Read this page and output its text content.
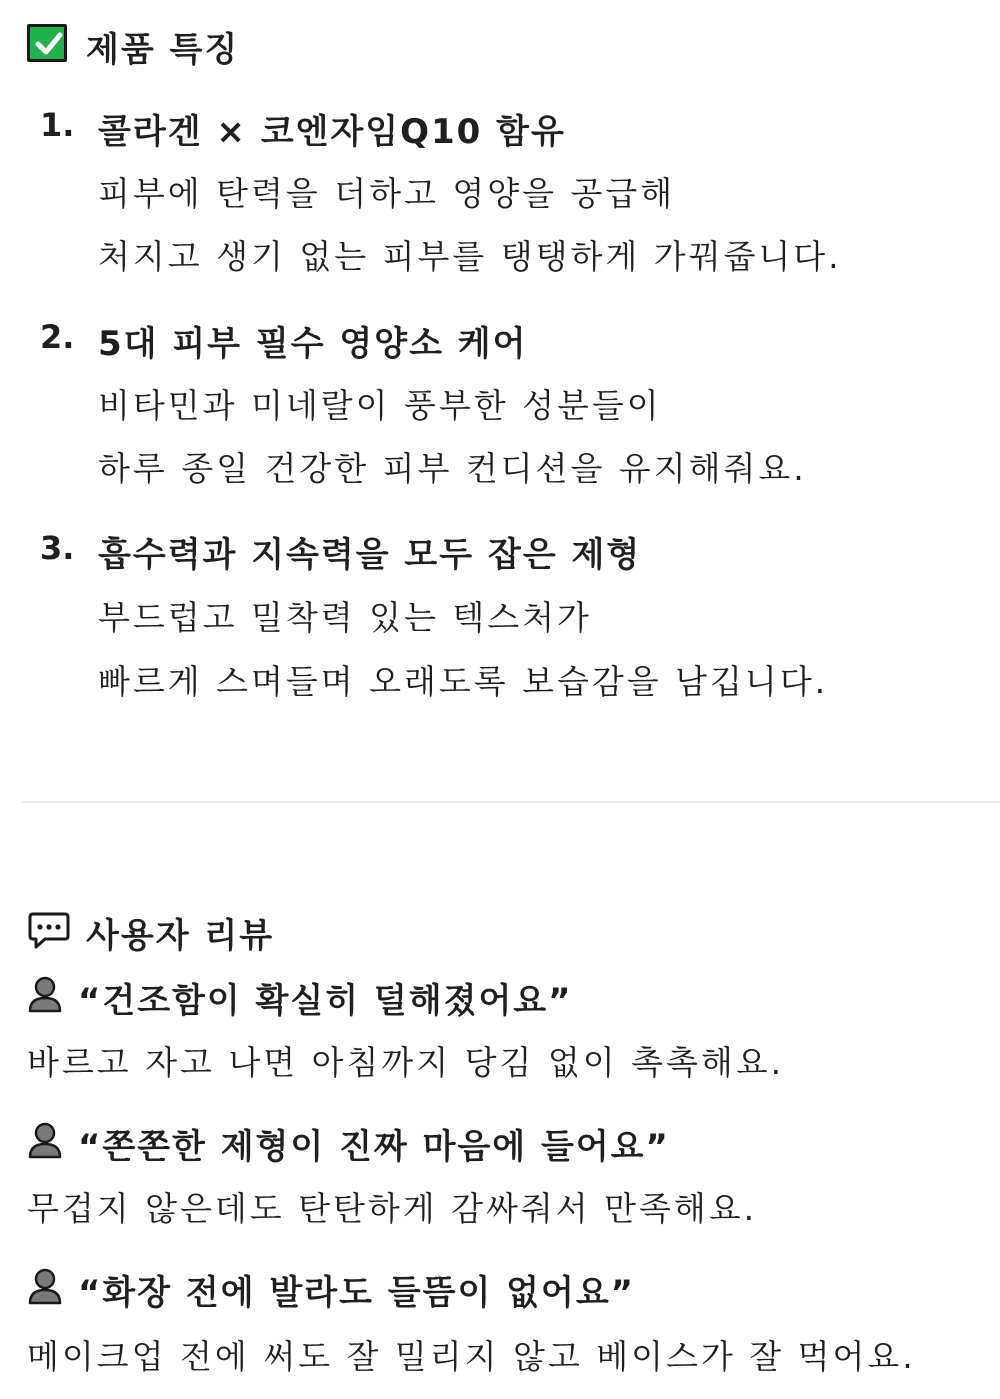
제품 특징
1. 콜라겐 × 코엔자임Q10 함유
피부에 탄력을 더하고 영양을 공급해
처지고 생기 없는 피부를 탱탱하게 가꿔줍니다.
2. 5대 피부 필수 영양소 케어
비타민과 미네랄이 풍부한 성분들이
하루 종일 건강한 피부 컨디션을 유지해줘요.
3. 흡수력과 지속력을 모두 잡은 제형
부드럽고 밀착력 있는 텍스처가
빠르게 스며들며 오래도록 보습감을 남깁니다.
사용자 리뷰
“건조함이 확실히 덜해졌어요”
바르고 자고 나면 아침까지 당김 없이 촉촉해요.
“쫀쫀한 제형이 진짜 마음에 들어요”
무겁지 않은데도 탄탄하게 감싸줘서 만족해요.
“화장 전에 발라도 들뜸이 없어요”
메이크업 전에 써도 잘 밀리지 않고 베이스가 잘 먹어요.
